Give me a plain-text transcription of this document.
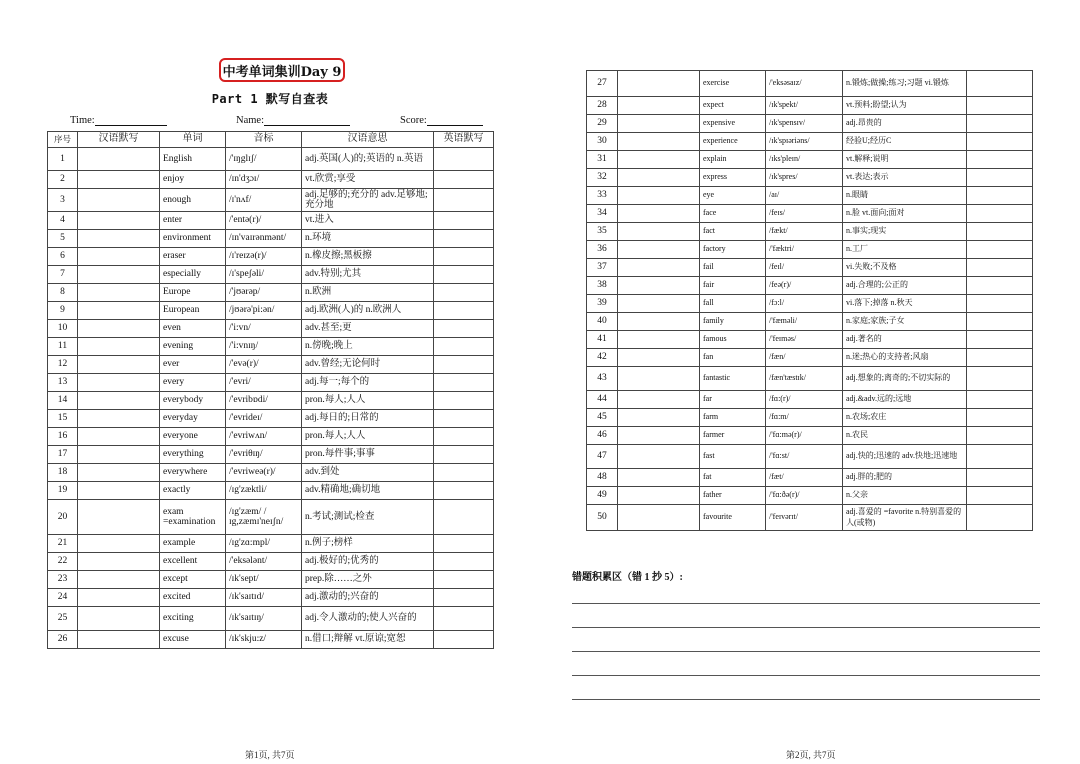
中考单词集训Day 9
Part 1 默写自查表
Time:	Name:	Score:
序号	汉语默写	单词	音标	汉语意思	英语默写
1		English	/'ɪŋglɪʃ/	adj.英国(人)的;英语的 n.英语	
2		enjoy	/ɪn'dʒɔɪ/	vt.欣赏;享受	
3		enough	/ɪ'nʌf/	adj.足够的;充分的 adv.足够地;充分地	
4		enter	/'entə(r)/	vt.进入	
5		environment	/ɪn'vaɪrənmənt/	n.环境	
6		eraser	/ɪ'reɪzə(r)/	n.橡皮擦;黑板擦	
7		especially	/ɪ'speʃəli/	adv.特别;尤其	
8		Europe	/'jʊərəp/	n.欧洲	
9		European	/jʊərə'pi:ən/	adj.欧洲(人)的 n.欧洲人	
10		even	/'i:vn/	adv.甚至;更	
11		evening	/'i:vnɪŋ/	n.傍晚;晚上	
12		ever	/'evə(r)/	adv.曾经;无论何时	
13		every	/'evri/	adj.每一;每个的	
14		everybody	/'evribɒdi/	pron.每人;人人	
15		everyday	/'evrideɪ/	adj.每日的;日常的	
16		everyone	/'evriwʌn/	pron.每人;人人	
17		everything	/'evriθɪŋ/	pron.每件事;事事	
18		everywhere	/'evriweə(r)/	adv.到处	
19		exactly	/ɪg'zæktli/	adv.精确地;确切地	
20		exam =examination	/ɪg'zæm/ /ɪg,zæmɪ'neɪʃn/	n.考试;测试;检查	
21		example	/ɪg'zɑ:mpl/	n.例子;榜样	
22		excellent	/'eksələnt/	adj.极好的;优秀的	
23		except	/ɪk'sept/	prep.除……之外	
24		excited	/ɪk'saɪtɪd/	adj.激动的;兴奋的	
25		exciting	/ɪk'saɪtɪŋ/	adj.令人激动的;使人兴奋的	
26		excuse	/ɪk'skju:z/	n.借口;辩解 vt.原谅;宽恕	
27		exercise	/'eksəsaɪz/	n.锻炼;做操;练习;习题 vi.锻炼	
28		expect	/ɪk'spekt/	vt.预料;盼望;认为	
29		expensive	/ɪk'spensɪv/	adj.昂贵的	
30		experience	/ɪk'spɪəriəns/	经验U;经历C	
31		explain	/ɪks'pleɪn/	vt.解释;说明	
32		express	/ɪk'spres/	vt.表达;表示	
33		eye	/aɪ/	n.眼睛	
34		face	/feɪs/	n.脸 vt.面向;面对	
35		fact	/fækt/	n.事实;现实	
36		factory	/'fæktri/	n.工厂	
37		fail	/feɪl/	vi.失败;不及格	
38		fair	/feə(r)/	adj.合理的;公正的	
39		fall	/fɔ:l/	vi.落下;掉落 n.秋天	
40		family	/'fæməli/	n.家庭;家族;子女	
41		famous	/'feɪməs/	adj.著名的	
42		fan	/fæn/	n.迷;热心的支持者;风扇	
43		fantastic	/fæn'tæstɪk/	adj.想象的;离奇的;不切实际的	
44		far	/fɑ:(r)/	adj.&adv.远的;远地	
45		farm	/fɑ:m/	n.农场;农庄	
46		farmer	/'fɑ:mə(r)/	n.农民	
47		fast	/'fɑ:st/	adj.快的;迅速的 adv.快地;迅速地	
48		fat	/fæt/	adj.胖的;肥的	
49		father	/'fɑ:ðə(r)/	n.父亲	
50		favourite	/'feɪvərɪt/	adj.喜爱的 =favorite n.特别喜爱的人(或物)	
错题积累区（错 1 抄 5）:
第1页, 共7页	第2页, 共7页
